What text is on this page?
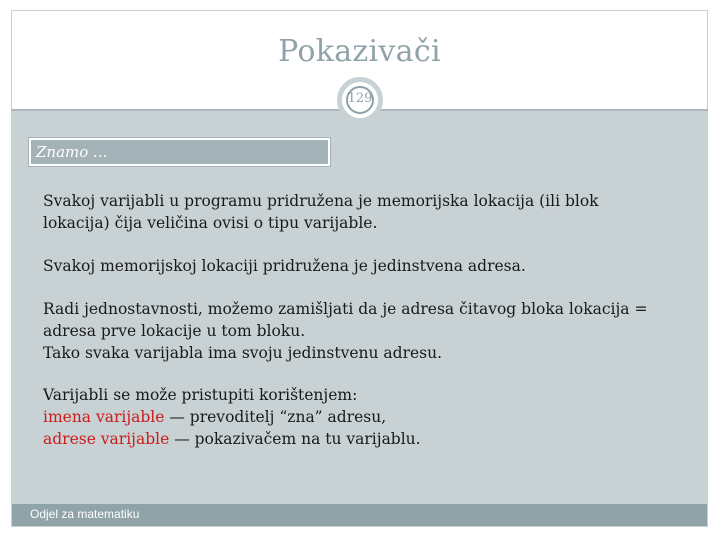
Pokazivači
129
Znamo ...
Svakoj varijabli u programu pridružena je memorijska lokacija (ili blok
lokacija) čija veličina ovisi o tipu varijable.
Svakoj memorijskoj lokaciji pridružena je jedinstvena adresa.
Radi jednostavnosti, možemo zamišljati da je adresa čitavog bloka lokacija =
adresa prve lokacije u tom bloku.
Tako svaka varijabla ima svoju jedinstvenu adresu.
Varijabli se može pristupiti korištenjem:
imena varijable — prevoditelj “zna” adresu,
adrese varijable — pokazivačem na tu varijablu.
Odjel za matematiku
